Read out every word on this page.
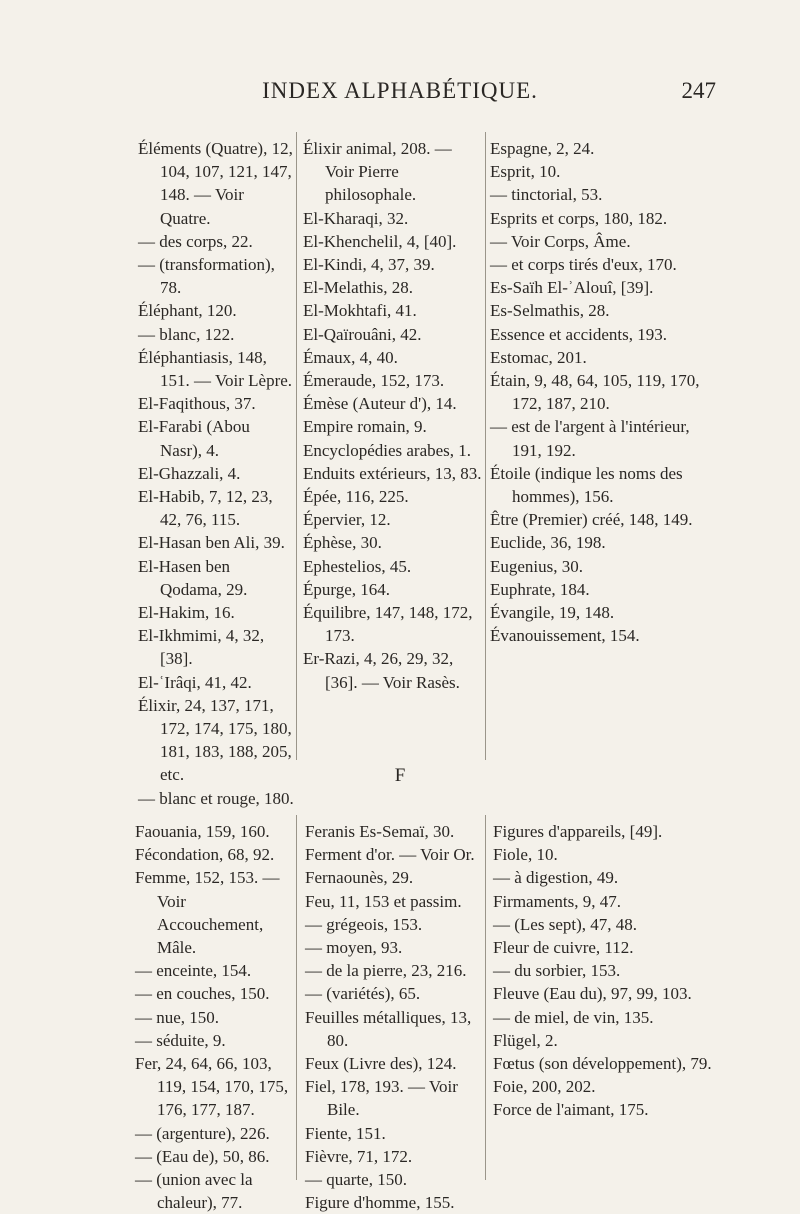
INDEX ALPHABÉTIQUE.	247

Éléments (Quatre), 12, 104, 107, 121, 147, 148. — Voir Quatre.

— des corps, 22.

— (transformation), 78.

Éléphant, 120.

— blanc, 122.

Éléphantiasis, 148, 151. — Voir Lèpre.

El-Faqithous, 37.

El-Farabi (Abou Nasr), 4.

El-Ghazzali, 4.

El-Habib, 7, 12, 23, 42, 76, 115.

El-Hasan ben Ali, 39.

El-Hasen ben Qodama, 29.

El-Hakim, 16.

El-Ikhmimi, 4, 32, [38].

El-ʿIrâqi, 41, 42.

Élixir, 24, 137, 171, 172, 174, 175, 180, 181, 183, 188, 205, etc.

— blanc et rouge, 180.

Élixir animal, 208. — Voir Pierre philosophale.

El-Kharaqi, 32.

El-Khenchelil, 4, [40].

El-Kindi, 4, 37, 39.

El-Melathis, 28.

El-Mokhtafi, 41.

El-Qaïrouâni, 42.

Émaux, 4, 40.

Émeraude, 152, 173.

Émèse (Auteur d'), 14.

Empire romain, 9.

Encyclopédies arabes, 1.

Enduits extérieurs, 13, 83.

Épée, 116, 225.

Épervier, 12.

Éphèse, 30.

Ephestelios, 45.

Épurge, 164.

Équilibre, 147, 148, 172, 173.

Er-Razi, 4, 26, 29, 32, [36]. — Voir Rasès.

Espagne, 2, 24.

Esprit, 10.

— tinctorial, 53.

Esprits et corps, 180, 182.

— Voir Corps, Âme.

— et corps tirés d'eux, 170.

Es-Saïh El-ʾAlouî, [39].

Es-Selmathis, 28.

Essence et accidents, 193.

Estomac, 201.

Étain, 9, 48, 64, 105, 119, 170, 172, 187, 210.

— est de l'argent à l'intérieur, 191, 192.

Étoile (indique les noms des hommes), 156.

Être (Premier) créé, 148, 149.

Euclide, 36, 198.

Eugenius, 30.

Euphrate, 184.

Évangile, 19, 148.

Évanouissement, 154.

F

Faouania, 159, 160.

Fécondation, 68, 92.

Femme, 152, 153. — Voir Accouchement, Mâle.

— enceinte, 154.

— en couches, 150.

— nue, 150.

— séduite, 9.

Fer, 24, 64, 66, 103, 119, 154, 170, 175, 176, 177, 187.

— (argenture), 226.

— (Eau de), 50, 86.

— (union avec la chaleur), 77.

Feranis Es-Semaï, 30.

Ferment d'or. — Voir Or.

Fernaounès, 29.

Feu, 11, 153 et passim.

— grégeois, 153.

— moyen, 93.

— de la pierre, 23, 216.

— (variétés), 65.

Feuilles métalliques, 13, 80.

Feux (Livre des), 124.

Fiel, 178, 193. — Voir Bile.

Fiente, 151.

Fièvre, 71, 172.

— quarte, 150.

Figure d'homme, 155.

Figures d'appareils, [49].

Fiole, 10.

— à digestion, 49.

Firmaments, 9, 47.

— (Les sept), 47, 48.

Fleur de cuivre, 112.

— du sorbier, 153.

Fleuve (Eau du), 97, 99, 103.

— de miel, de vin, 135.

Flügel, 2.

Fœtus (son développement), 79.

Foie, 200, 202.

Force de l'aimant, 175.
